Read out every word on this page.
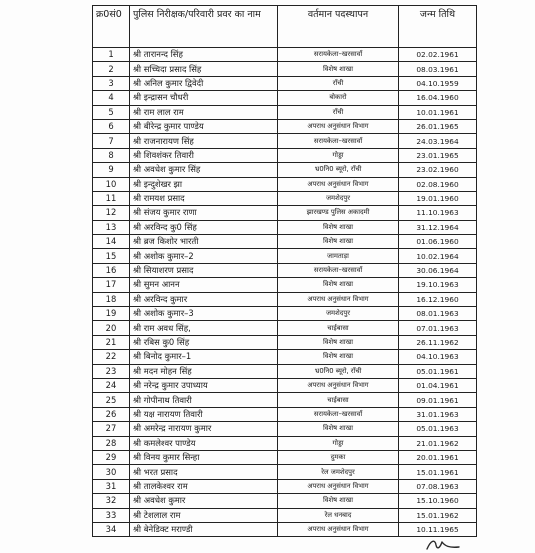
क्र0सं0	पुलिस निरीक्षक/परिवारी प्रवर का नाम	वर्तमान पदस्थापन	जन्म तिथि
1	श्री तारानन्द सिंह	सरायकेला–खरसावाँ	02.02.1961
2	श्री सच्चिदा प्रसाद सिंह	विशेष शाखा	08.03.1961
3	श्री अनिल कुमार द्विवेदी	राँची	04.10.1959
4	श्री इन्द्रासन चौधरी	बोकारो	16.04.1960
5	श्री राम लाल राम	राँची	10.01.1961
6	श्री बीरेन्द्र कुमार पाण्डेय	अपराध अनुसंधान विभाग	26.01.1965
7	श्री राजनारायण सिंह	सरायकेला–खरसावाँ	24.03.1964
8	श्री शिवशंकर तिवारी	गोड्डा	23.01.1965
9	श्री अवधेश कुमार सिंह	भ्र0नि0 ब्यूरो, राँची	23.02.1960
10	श्री इन्दुशेखर झा	अपराध अनुसंधान विभाग	02.08.1960
11	श्री रामयश प्रसाद	जमशेदपुर	19.01.1960
12	श्री संजय कुमार राणा	झारखण्ड पुलिस अकादमी	11.10.1963
13	श्री अरविन्द कु0 सिंह	विशेष शाखा	31.12.1964
14	श्री ब्रज किशोर भारती	विशेष शाखा	01.06.1960
15	श्री अशोक कुमार–2	जामताड़ा	10.02.1964
16	श्री सियाशरण प्रसाद	सरायकेला–खरसावाँ	30.06.1964
17	श्री सुमन आनन	विशेष शाखा	19.10.1963
18	श्री अरविन्द कुमार	अपराध अनुसंधान विभाग	16.12.1960
19	श्री अशोक कुमार–3	जमशेदपुर	08.01.1963
20	श्री राम अवध सिंह,	चाईबासा	07.01.1963
21	श्री रबिस कु0 सिंह	विशेष शाखा	26.11.1962
22	श्री बिनोद कुमार–1	विशेष शाखा	04.10.1963
23	श्री मदन मोहन सिंह	भ्र0नि0 ब्यूरो, राँची	05.01.1961
24	श्री नरेन्द्र कुमार उपाध्याय	अपराध अनुसंधान विभाग	01.04.1961
25	श्री गोपीनाथ तिवारी	चाईबासा	09.01.1961
26	श्री यक्ष नारायण तिवारी	सरायकेला–खरसावाँ	31.01.1963
27	श्री अमरेन्द्र नारायण कुमार	विशेष शाखा	05.01.1963
28	श्री कमलेश्वर पाण्डेय	गोड्डा	21.01.1962
29	श्री विनय कुमार सिन्हा	दुमका	20.01.1961
30	श्री भरत प्रसाद	रेल जमशेदपुर	15.01.1961
31	श्री तालकेश्वर राम	अपराध अनुसंधान विभाग	07.08.1963
32	श्री अवधेश कुमार	विशेष शाखा	15.10.1960
33	श्री टेशलाल राम	रेल धनबाद	15.01.1962
34	श्री बेनेडिक्ट मराण्डी	अपराध अनुसंधान विभाग	10.11.1965
